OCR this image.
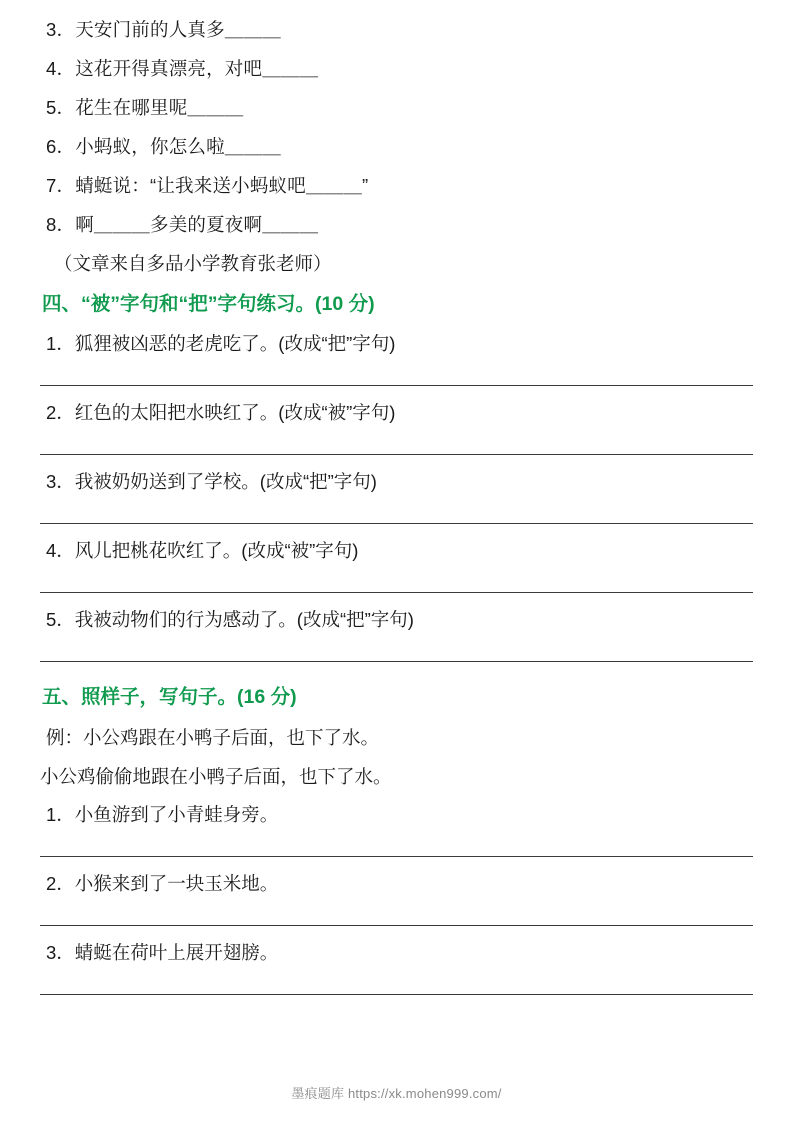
3．天安门前的人真多＿＿＿
4．这花开得真漂亮，对吧＿＿＿
5．花生在哪里呢＿＿＿
6．小蚂蚁，你怎么啦＿＿＿
7．蜻蜓说：“让我来送小蚂蚁吧＿＿＿”
8．啊＿＿＿多美的夏夜啊＿＿＿
（文章来自多品小学教育张老师）
四、“被”字句和“把”字句练习。(10 分)
1．狐狸被凶恶的老虎吃了。(改成“把”字句)
2．红色的太阳把水映红了。(改成“被”字句)
3．我被奶奶送到了学校。(改成“把”字句)
4．风儿把桃花吹红了。(改成“被”字句)
5．我被动物们的行为感动了。(改成“把”字句)
五、照样子，写句子。(16 分)
例：小公鸡跟在小鸭子后面，也下了水。
小公鸡偷偷地跟在小鸭子后面，也下了水。
1．小鱼游到了小青蛙身旁。
2．小猴来到了一块玉米地。
3．蜻蜓在荷叶上展开翅膀。
墨痕题库 https://xk.mohen999.com/
